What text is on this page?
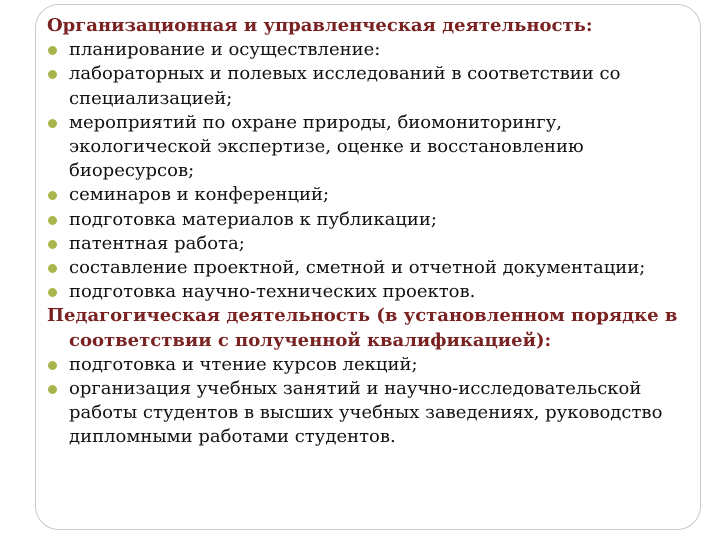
Организационная и управленческая деятельность:

планирование и осуществление:
лабораторных и полевых исследований в соответствии со специализацией;
мероприятий по охране природы, биомониторингу, экологической экспертизе, оценке и восстановлению биоресурсов;
семинаров и конференций;
подготовка материалов к публикации;
патентная работа;
составление проектной, сметной и отчетной документации;
подготовка научно-технических проектов.

Педагогическая деятельность (в установленном порядке в соответствии с полученной квалификацией):

подготовка и чтение курсов лекций;
организация учебных занятий и научно-исследовательской работы студентов в высших учебных заведениях, руководство дипломными работами студентов.
